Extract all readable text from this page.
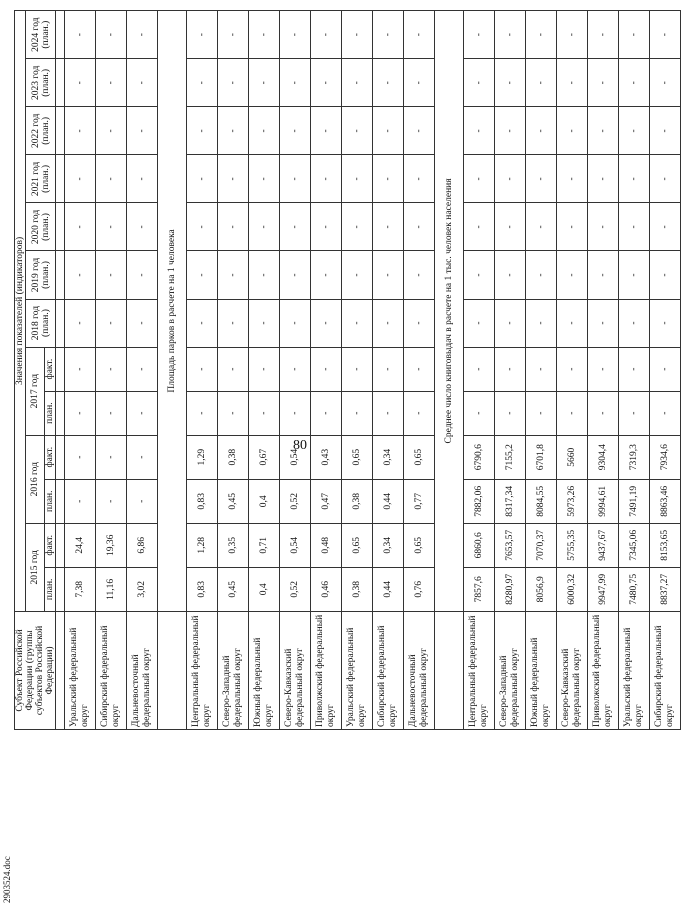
2903524.doc
80
Субъект Российской Федерации (группы субъектов Российской Федерации)	Значения показателей (индикаторов)												
	2015 год		2016 год		2017 год		2018 год (план.)	2019 год (план.)	2020 год (план.)	2021 год (план.)	2022 год (план.)	2023 год (план.)	2024 год (план.)
	план.	факт.	план.	факт.	план.	факт.							

Уральский федеральный округ	7,38	24,4	-	-	-	-	-	-	-	-	-	-	-
Сибирский федеральный округ	11,16	19,36	-	-	-	-	-	-	-	-	-	-	-
Дальневосточный федеральный округ	3,02	6,86	-	-	-	-	-	-	-	-	-	-	-
	Площадь парков в расчете на 1 человека												
Центральный федеральный округ	0,83	1,28	0,83	1,29	-	-	-	-	-	-	-	-	-
Северо-Западный федеральный округ	0,45	0,35	0,45	0,38	-	-	-	-	-	-	-	-	-
Южный федеральный округ	0,4	0,71	0,4	0,67	-	-	-	-	-	-	-	-	-
Северо-Кавказский федеральный округ	0,52	0,54	0,52	0,54	-	-	-	-	-	-	-	-	-
Приволжский федеральный округ	0,46	0,48	0,47	0,43	-	-	-	-	-	-	-	-	-
Уральский федеральный округ	0,38	0,65	0,38	0,65	-	-	-	-	-	-	-	-	-
Сибирский федеральный округ	0,44	0,34	0,44	0,34	-	-	-	-	-	-	-	-	-
Дальневосточный федеральный округ	0,76	0,65	0,77	0,65	-	-	-	-	-	-	-	-	-
	Среднее число книговыдач в расчете на 1 тыс. человек населения												
Центральный федеральный округ	7857,6	6860,6	7882,06	6790,6	-	-	-	-	-	-	-	-	-
Северо-Западный федеральный округ	8280,97	7653,57	8317,34	7155,2	-	-	-	-	-	-	-	-	-
Южный федеральный округ	8056,9	7070,37	8084,55	6701,8	-	-	-	-	-	-	-	-	-
Северо-Кавказский федеральный округ	6000,32	5755,35	5973,26	5660	-	-	-	-	-	-	-	-	-
Приволжский федеральный округ	9947,99	9437,67	9994,61	9304,4	-	-	-	-	-	-	-	-	-
Уральский федеральный округ	7480,75	7345,06	7491,19	7319,3	-	-	-	-	-	-	-	-	-
Сибирский федеральный округ	8837,27	8153,65	8863,46	7934,6	-	-	-	-	-	-	-	-	-
